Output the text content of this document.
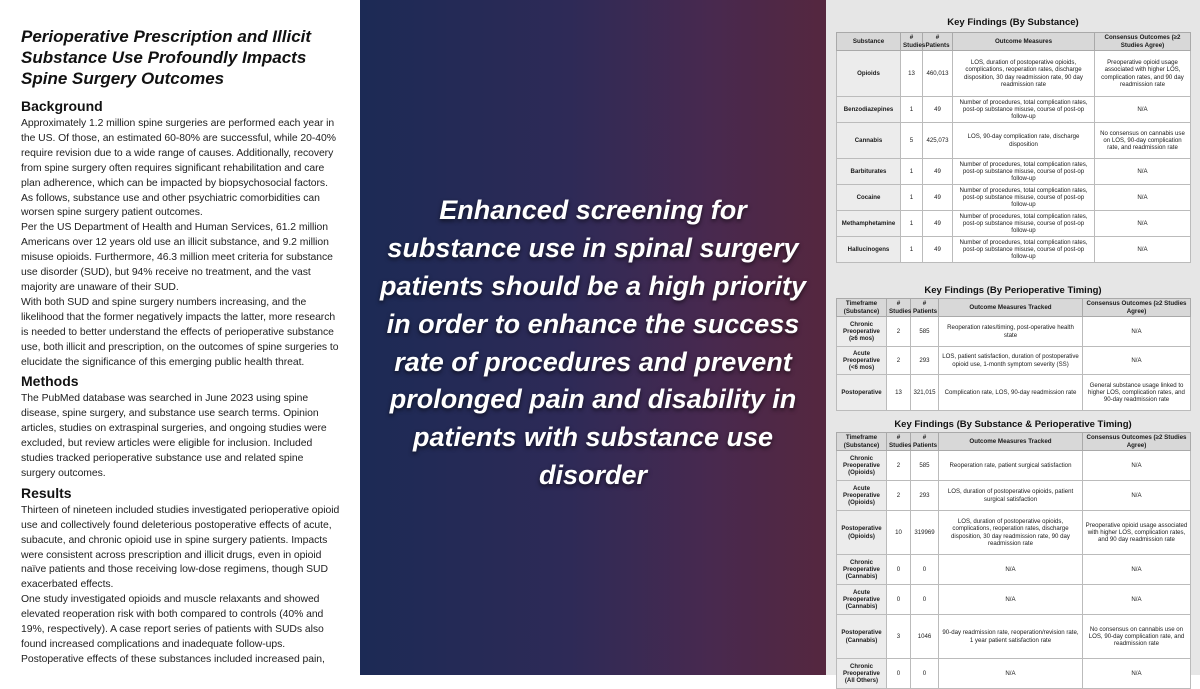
Perioperative Prescription and Illicit Substance Use Profoundly Impacts Spine Surgery Outcomes
Background

Approximately 1.2 million spine surgeries are performed each year in the US. Of those, an estimated 60-80% are successful, while 20-40% require revision due to a wide range of causes. Additionally, recovery from spine surgery often requires significant rehabilitation and care plan adherence, which can be impacted by biopsychosocial factors. As follows, substance use and other psychiatric comorbidities can worsen spine surgery patient outcomes.

Per the US Department of Health and Human Services, 61.2 million Americans over 12 years old use an illicit substance, and 9.2 million misuse opioids. Furthermore, 46.3 million meet criteria for substance use disorder (SUD), but 94% receive no treatment, and the vast majority are unaware of their SUD.

With both SUD and spine surgery numbers increasing, and the likelihood that the former negatively impacts the latter, more research is needed to better understand the effects of perioperative substance use, both illicit and prescription, on the outcomes of spine surgeries to elucidate the significance of this emerging public health threat.

Methods

The PubMed database was searched in June 2023 using spine disease, spine surgery, and substance use search terms. Opinion articles, studies on extraspinal surgeries, and ongoing studies were excluded, but review articles were eligible for inclusion. Included studies tracked perioperative substance use and related spine surgery outcomes.

Results

Thirteen of nineteen included studies investigated perioperative opioid use and collectively found deleterious postoperative effects of acute, subacute, and chronic opioid use in spine surgery patients. Impacts were consistent across prescription and illicit drugs, even in opioid naïve patients and those receiving low-dose regimens, though SUD exacerbated effects.

One study investigated opioids and muscle relaxants and showed elevated reoperation risk with both compared to controls (40% and 19%, respectively). A case report series of patients with SUDs also found increased complications and inadequate follow-ups.

Postoperative effects of these substances included increased pain,

Enhanced screening for substance use in spinal surgery patients should be a high priority in order to enhance the success rate of procedures and prevent prolonged pain and disability in patients with substance use disorder

Key Findings (By Substance)
Substance	# Studies	# Patients	Outcome Measures	Consensus Outcomes (≥2 Studies Agree)
Opioids	13	460,013	LOS, duration of postoperative opioids, complications, reoperation rates, discharge disposition, 30 day readmission rate, 90 day readmission rate	Preoperative opioid usage associated with higher LOS, complication rates, and 90 day readmission rate
Benzodiazepines	1	49	Number of procedures, total complication rates, post-op substance misuse, course of post-op follow-up	N/A
Cannabis	5	425,073	LOS, 90-day complication rate, discharge disposition	No consensus on cannabis use on LOS, 90-day complication rate, and readmission rate
Barbiturates	1	49	Number of procedures, total complication rates, post-op substance misuse, course of post-op follow-up	N/A
Cocaine	1	49	Number of procedures, total complication rates, post-op substance misuse, course of post-op follow-up	N/A
Methamphetamine	1	49	Number of procedures, total complication rates, post-op substance misuse, course of post-op follow-up	N/A
Hallucinogens	1	49	Number of procedures, total complication rates, post-op substance misuse, course of post-op follow-up	N/A
Key Findings (By Perioperative Timing)
Timeframe (Substance)	# Studies	# Patients	Outcome Measures Tracked	Consensus Outcomes (≥2 Studies Agree)
Chronic Preoperative (≥6 mos)	2	585	Reoperation rates/timing, post-operative health state	N/A
Acute Preoperative (<6 mos)	2	293	LOS, patient satisfaction, duration of postoperative opioid use, 1-month symptom severity (SS)	N/A
Postoperative	13	321,015	Complication rate, LOS, 90-day readmission rate	General substance usage linked to higher LOS, complication rates, and 90-day readmission rate
Key Findings (By Substance & Perioperative Timing)
Timeframe (Substance)	# Studies	# Patients	Outcome Measures Tracked	Consensus Outcomes (≥2 Studies Agree)
Chronic Preoperative (Opioids)	2	585	Reoperation rate, patient surgical satisfaction	N/A
Acute Preoperative (Opioids)	2	293	LOS, duration of postoperative opioids, patient surgical satisfaction	N/A
Postoperative (Opioids)	10	319969	LOS, duration of postoperative opioids, complications, reoperation rates, discharge disposition, 30 day readmission rate, 90 day readmission rate	Preoperative opioid usage associated with higher LOS, complication rates, and 90 day readmission rate
Chronic Preoperative (Cannabis)	0	0	N/A	N/A
Acute Preoperative (Cannabis)	0	0	N/A	N/A
Postoperative (Cannabis)	3	1046	90-day readmission rate, reoperation/revision rate, 1 year patient satisfaction rate	No consensus on cannabis use on LOS, 90-day complication rate, and readmission rate
Chronic Preoperative (All Others)	0	0	N/A	N/A
